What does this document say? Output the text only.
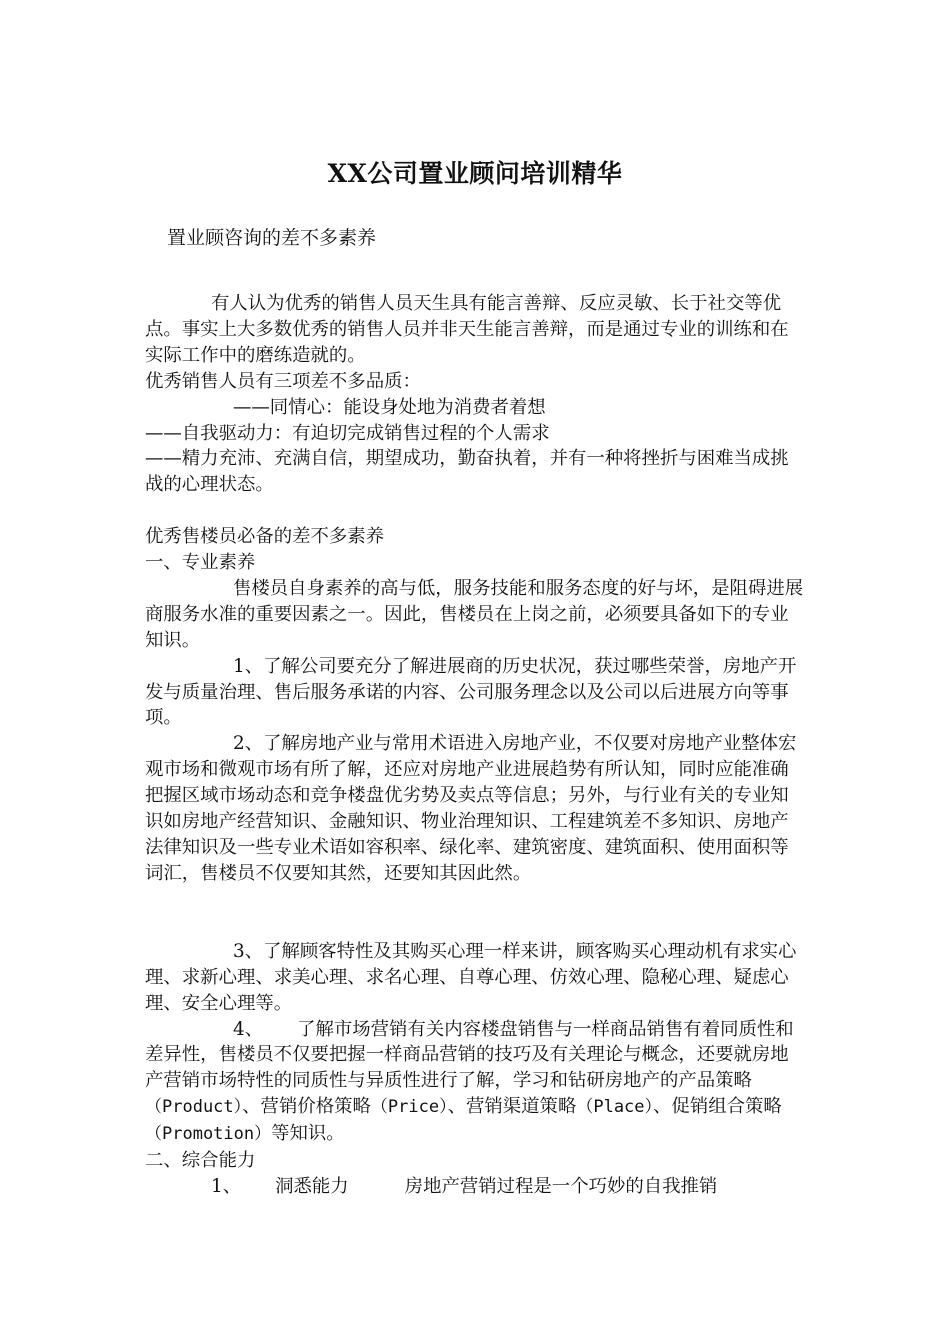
XX公司置业顾问培训精华

置业顾咨询的差不多素养

有人认为优秀的销售人员天生具有能言善辩、反应灵敏、长于社交等优点。事实上大多数优秀的销售人员并非天生能言善辩，而是通过专业的训练和在实际工作中的磨练造就的。

优秀销售人员有三项差不多品质：

——同情心：能设身处地为消费者着想

——自我驱动力：有迫切完成销售过程的个人需求

——精力充沛、充满自信，期望成功，勤奋执着，并有一种将挫折与困难当成挑战的心理状态。

优秀售楼员必备的差不多素养

一、专业素养

售楼员自身素养的高与低，服务技能和服务态度的好与坏，是阻碍进展商服务水准的重要因素之一。因此，售楼员在上岗之前，必须要具备如下的专业知识。

1、了解公司要充分了解进展商的历史状况，获过哪些荣誉，房地产开发与质量治理、售后服务承诺的内容、公司服务理念以及公司以后进展方向等事项。

2、了解房地产业与常用术语进入房地产业，不仅要对房地产业整体宏观市场和微观市场有所了解，还应对房地产业进展趋势有所认知，同时应能准确把握区域市场动态和竞争楼盘优劣势及卖点等信息；另外，与行业有关的专业知识如房地产经营知识、金融知识、物业治理知识、工程建筑差不多知识、房地产法律知识及一些专业术语如容积率、绿化率、建筑密度、建筑面积、使用面积等词汇，售楼员不仅要知其然，还要知其因此然。

3、了解顾客特性及其购买心理一样来讲，顾客购买心理动机有求实心理、求新心理、求美心理、求名心理、自尊心理、仿效心理、隐秘心理、疑虑心理、安全心理等。

4、 了解市场营销有关内容楼盘销售与一样商品销售有着同质性和差异性，售楼员不仅要把握一样商品营销的技巧及有关理论与概念，还要就房地产营销市场特性的同质性与异质性进行了解，学习和钻研房地产的产品策略（Product）、营销价格策略（Price）、营销渠道策略（Place）、促销组合策略（Promotion）等知识。

二、综合能力

1、 洞悉能力	房地产营销过程是一个巧妙的自我推销
